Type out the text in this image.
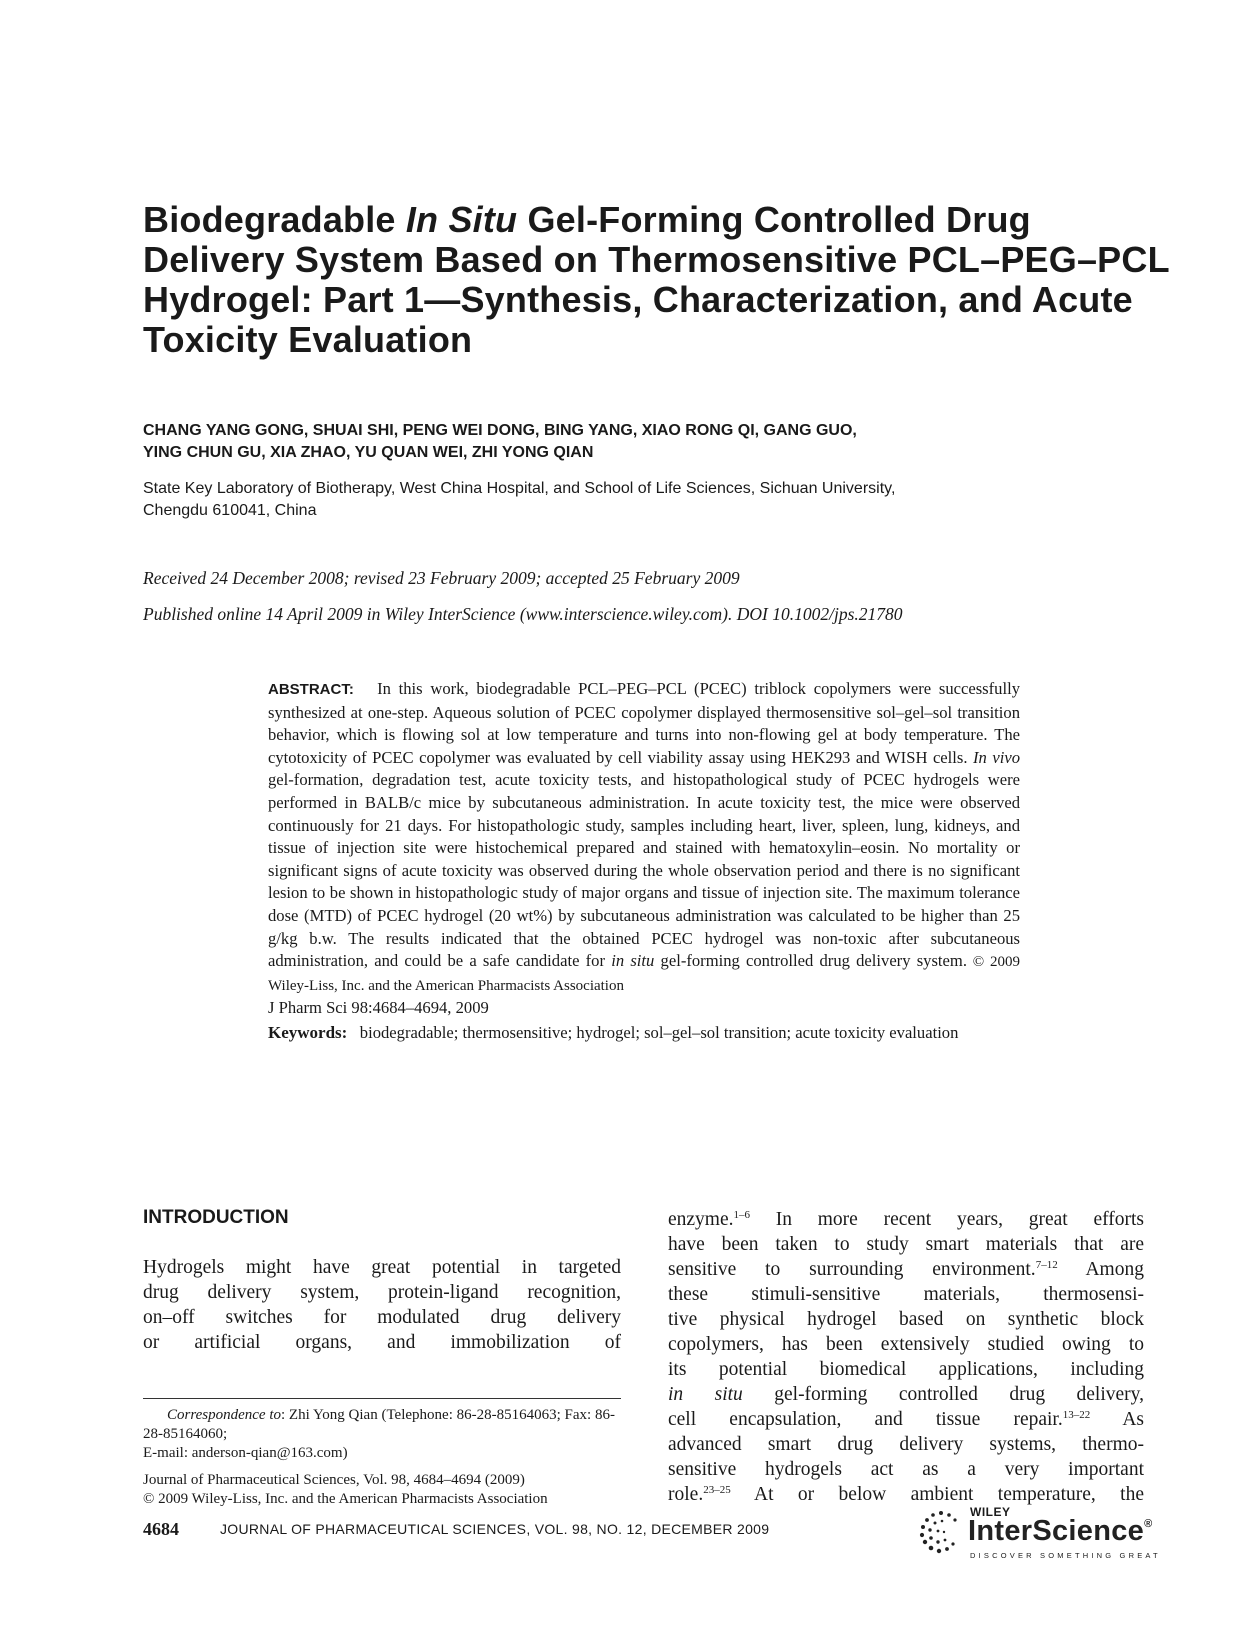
Biodegradable In Situ Gel-Forming Controlled Drug
Delivery System Based on Thermosensitive PCL–PEG–PCL
Hydrogel: Part 1—Synthesis, Characterization, and Acute
Toxicity Evaluation
CHANG YANG GONG, SHUAI SHI, PENG WEI DONG, BING YANG, XIAO RONG QI, GANG GUO,
YING CHUN GU, XIA ZHAO, YU QUAN WEI, ZHI YONG QIAN
State Key Laboratory of Biotherapy, West China Hospital, and School of Life Sciences, Sichuan University,
Chengdu 610041, China
Received 24 December 2008; revised 23 February 2009; accepted 25 February 2009
Published online 14 April 2009 in Wiley InterScience (www.interscience.wiley.com). DOI 10.1002/jps.21780

ABSTRACT: In this work, biodegradable PCL–PEG–PCL (PCEC) triblock copolymers were successfully synthesized at one-step. Aqueous solution of PCEC copolymer displayed thermosensitive sol–gel–sol transition behavior, which is flowing sol at low temperature and turns into non-flowing gel at body temperature. The cytotoxicity of PCEC copolymer was evaluated by cell viability assay using HEK293 and WISH cells. In vivo gel-formation, degradation test, acute toxicity tests, and histopathological study of PCEC hydrogels were performed in BALB/c mice by subcutaneous administration. In acute toxicity test, the mice were observed continuously for 21 days. For histopathologic study, samples including heart, liver, spleen, lung, kidneys, and tissue of injection site were histochemical prepared and stained with hematoxylin–eosin. No mortality or significant signs of acute toxicity was observed during the whole observation period and there is no significant lesion to be shown in histopathologic study of major organs and tissue of injection site. The maximum tolerance dose (MTD) of PCEC hydrogel (20 wt%) by subcutaneous administration was calculated to be higher than 25 g/kg b.w. The results indicated that the obtained PCEC hydrogel was non-toxic after subcutaneous administration, and could be a safe candidate for in situ gel-forming controlled drug delivery system. © 2009 Wiley-Liss, Inc. and the American Pharmacists Association

J Pharm Sci 98:4684–4694, 2009

Keywords: biodegradable; thermosensitive; hydrogel; sol–gel–sol transition; acute toxicity evaluation

INTRODUCTION
Hydrogels might have great potential in targeted
drug delivery system, protein-ligand recognition,
on–off switches for modulated drug delivery
or artificial organs, and immobilization of

Correspondence to: Zhi Yong Qian (Telephone: 86-28-85164063; Fax: 86-28-85164060;
E-mail: anderson-qian@163.com)

Journal of Pharmaceutical Sciences, Vol. 98, 4684–4694 (2009)
© 2009 Wiley-Liss, Inc. and the American Pharmacists Association

enzyme.$^{1-6}$ In more recent years, great efforts
have been taken to study smart materials that are
sensitive to surrounding environment.$^{7-12}$ Among
these stimuli-sensitive materials, thermosensi-
tive physical hydrogel based on synthetic block
copolymers, has been extensively studied owing to
its potential biomedical applications, including
in situ gel-forming controlled drug delivery,
cell encapsulation, and tissue repair.$^{13-22}$ As
advanced smart drug delivery systems, thermo-
sensitive hydrogels act as a very important
role.$^{23-25}$ At or below ambient temperature, the
4684	JOURNAL OF PHARMACEUTICAL SCIENCES, VOL. 98, NO. 12, DECEMBER 2009
WILEY
InterScience®
DISCOVER SOMETHING GREAT
